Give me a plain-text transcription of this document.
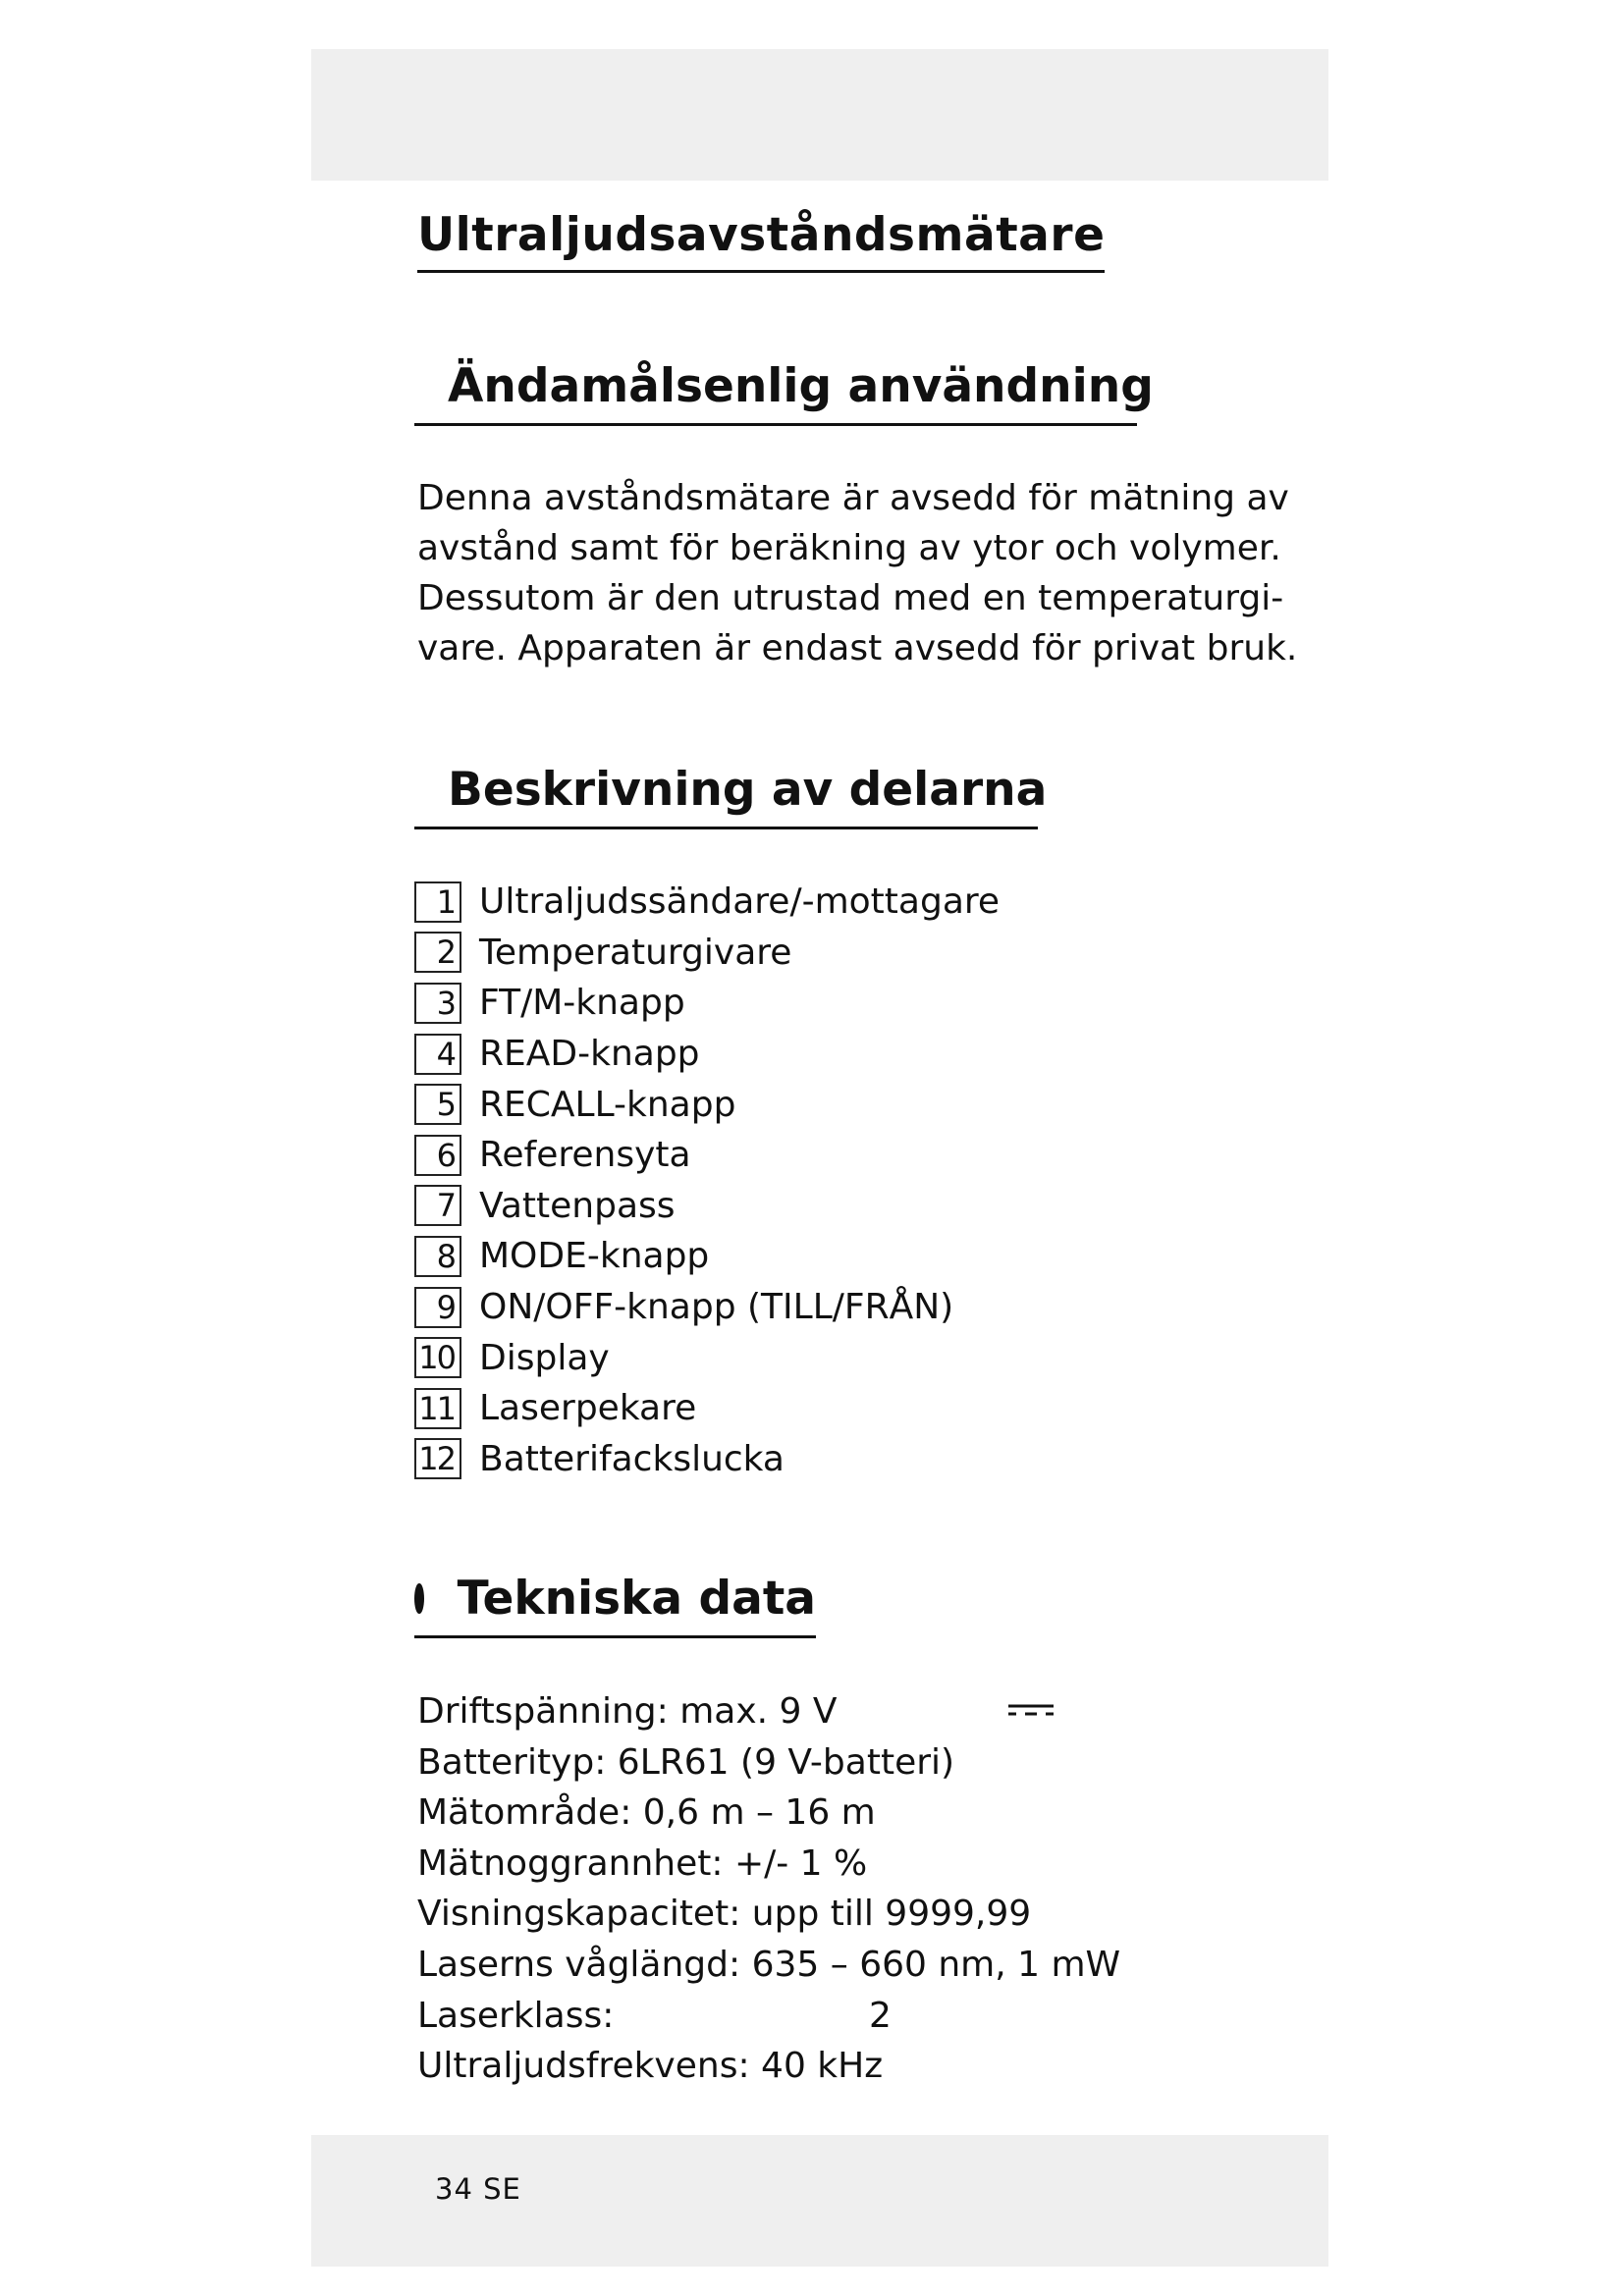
Ultraljudsavståndsmätare
Ändamålsenlig användning

Denna avståndsmätare är avsedd för mätning av

avstånd samt för beräkning av ytor och volymer.

Dessutom är den utrustad med en temperaturgi-

vare. Apparaten är endast avsedd för privat bruk.

Beskrivning av delarna
1 Ultraljudssändare/-mottagare
2 Temperaturgivare
3 FT/M-knapp
4 READ-knapp
5 RECALL-knapp
6 Referensyta
7 Vattenpass
8 MODE-knapp
9 ON/OFF-knapp (TILL/FRÅN)
10 Display
11 Laserpekare
12 Batterifackslucka
Tekniska data
Driftspänning: max. 9 V
Batterityp: 6LR61 (9 V-batteri)
Mätområde: 0,6 m – 16 m
Mätnoggrannhet: +/- 1 %
Visningskapacitet: upp till 9999,99
Laserns våglängd: 635 – 660 nm, 1 mW
Laserklass:	2
Ultraljudsfrekvens: 40 kHz
34 SE
